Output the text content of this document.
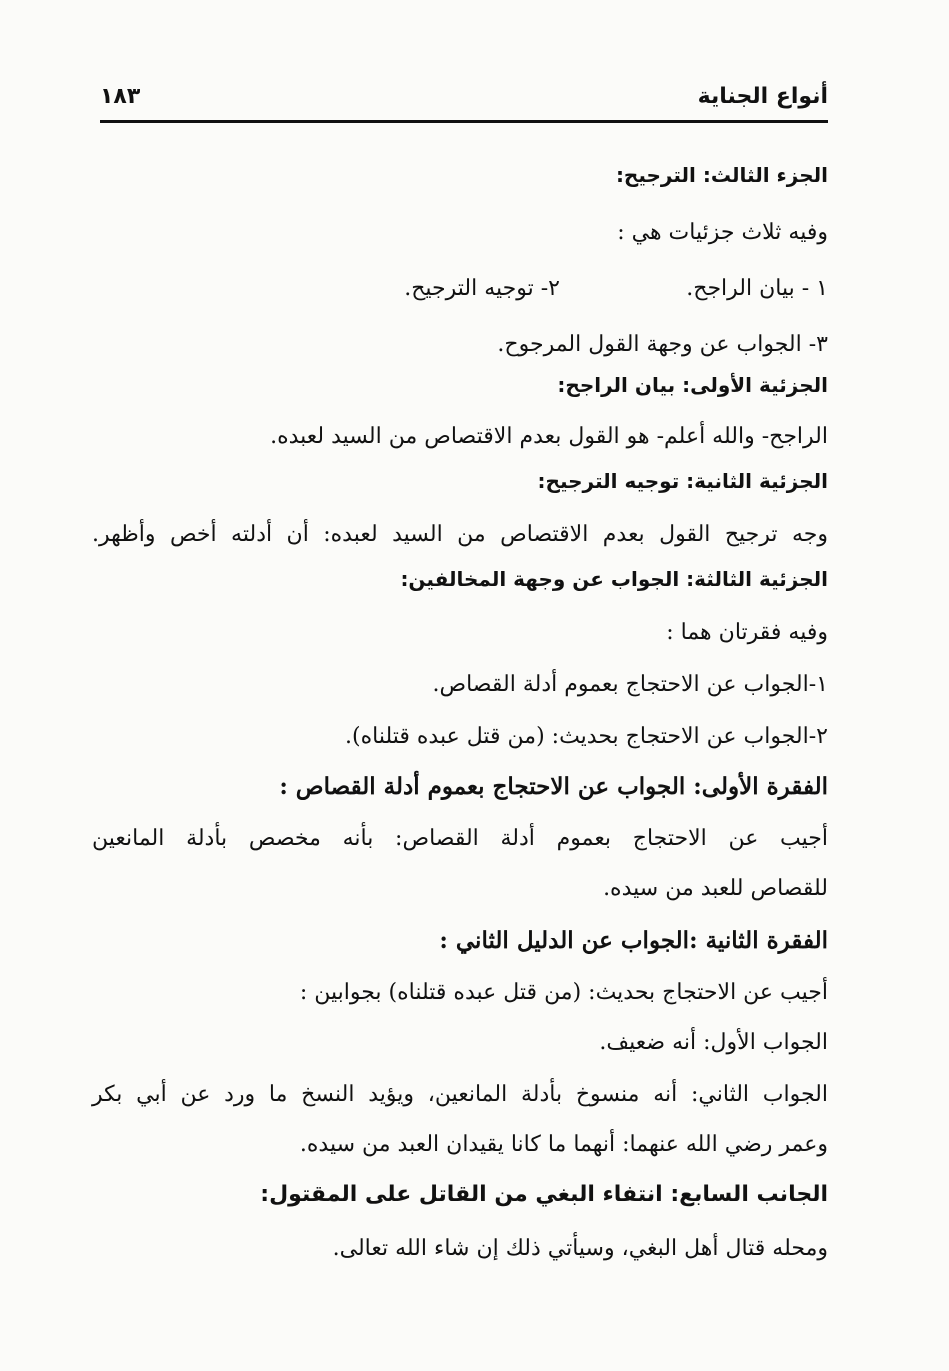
أنواع الجناية
١٨٣
الجزء الثالث: الترجيح:
وفيه ثلاث جزئيات هي :
١ - بيان الراجح.
٢- توجيه الترجيح.
٣- الجواب عن وجهة القول المرجوح.
الجزئية الأولى: بيان الراجح:
الراجح- والله أعلم- هو القول بعدم الاقتصاص من السيد لعبده.
الجزئية الثانية: توجيه الترجيح:
وجه ترجيح القول بعدم الاقتصاص من السيد لعبده: أن أدلته أخص وأظهر.
الجزئية الثالثة: الجواب عن وجهة المخالفين:
وفيه فقرتان هما :
١-الجواب عن الاحتجاج بعموم أدلة القصاص.
٢-الجواب عن الاحتجاج بحديث: (من قتل عبده قتلناه).
الفقرة الأولى: الجواب عن الاحتجاج بعموم أدلة القصاص :
أجيب عن الاحتجاج بعموم أدلة القصاص: بأنه مخصص بأدلة المانعين
للقصاص للعبد من سيده.
الفقرة الثانية :الجواب عن الدليل الثاني :
أجيب عن الاحتجاج بحديث: (من قتل عبده قتلناه) بجوابين :
الجواب الأول: أنه ضعيف.
الجواب الثاني: أنه منسوخ بأدلة المانعين، ويؤيد النسخ ما ورد عن أبي بكر
وعمر رضي الله عنهما: أنهما ما كانا يقيدان العبد من سيده.
الجانب السابع: انتفاء البغي من القاتل على المقتول:
ومحله قتال أهل البغي، وسيأتي ذلك إن شاء الله تعالى.
